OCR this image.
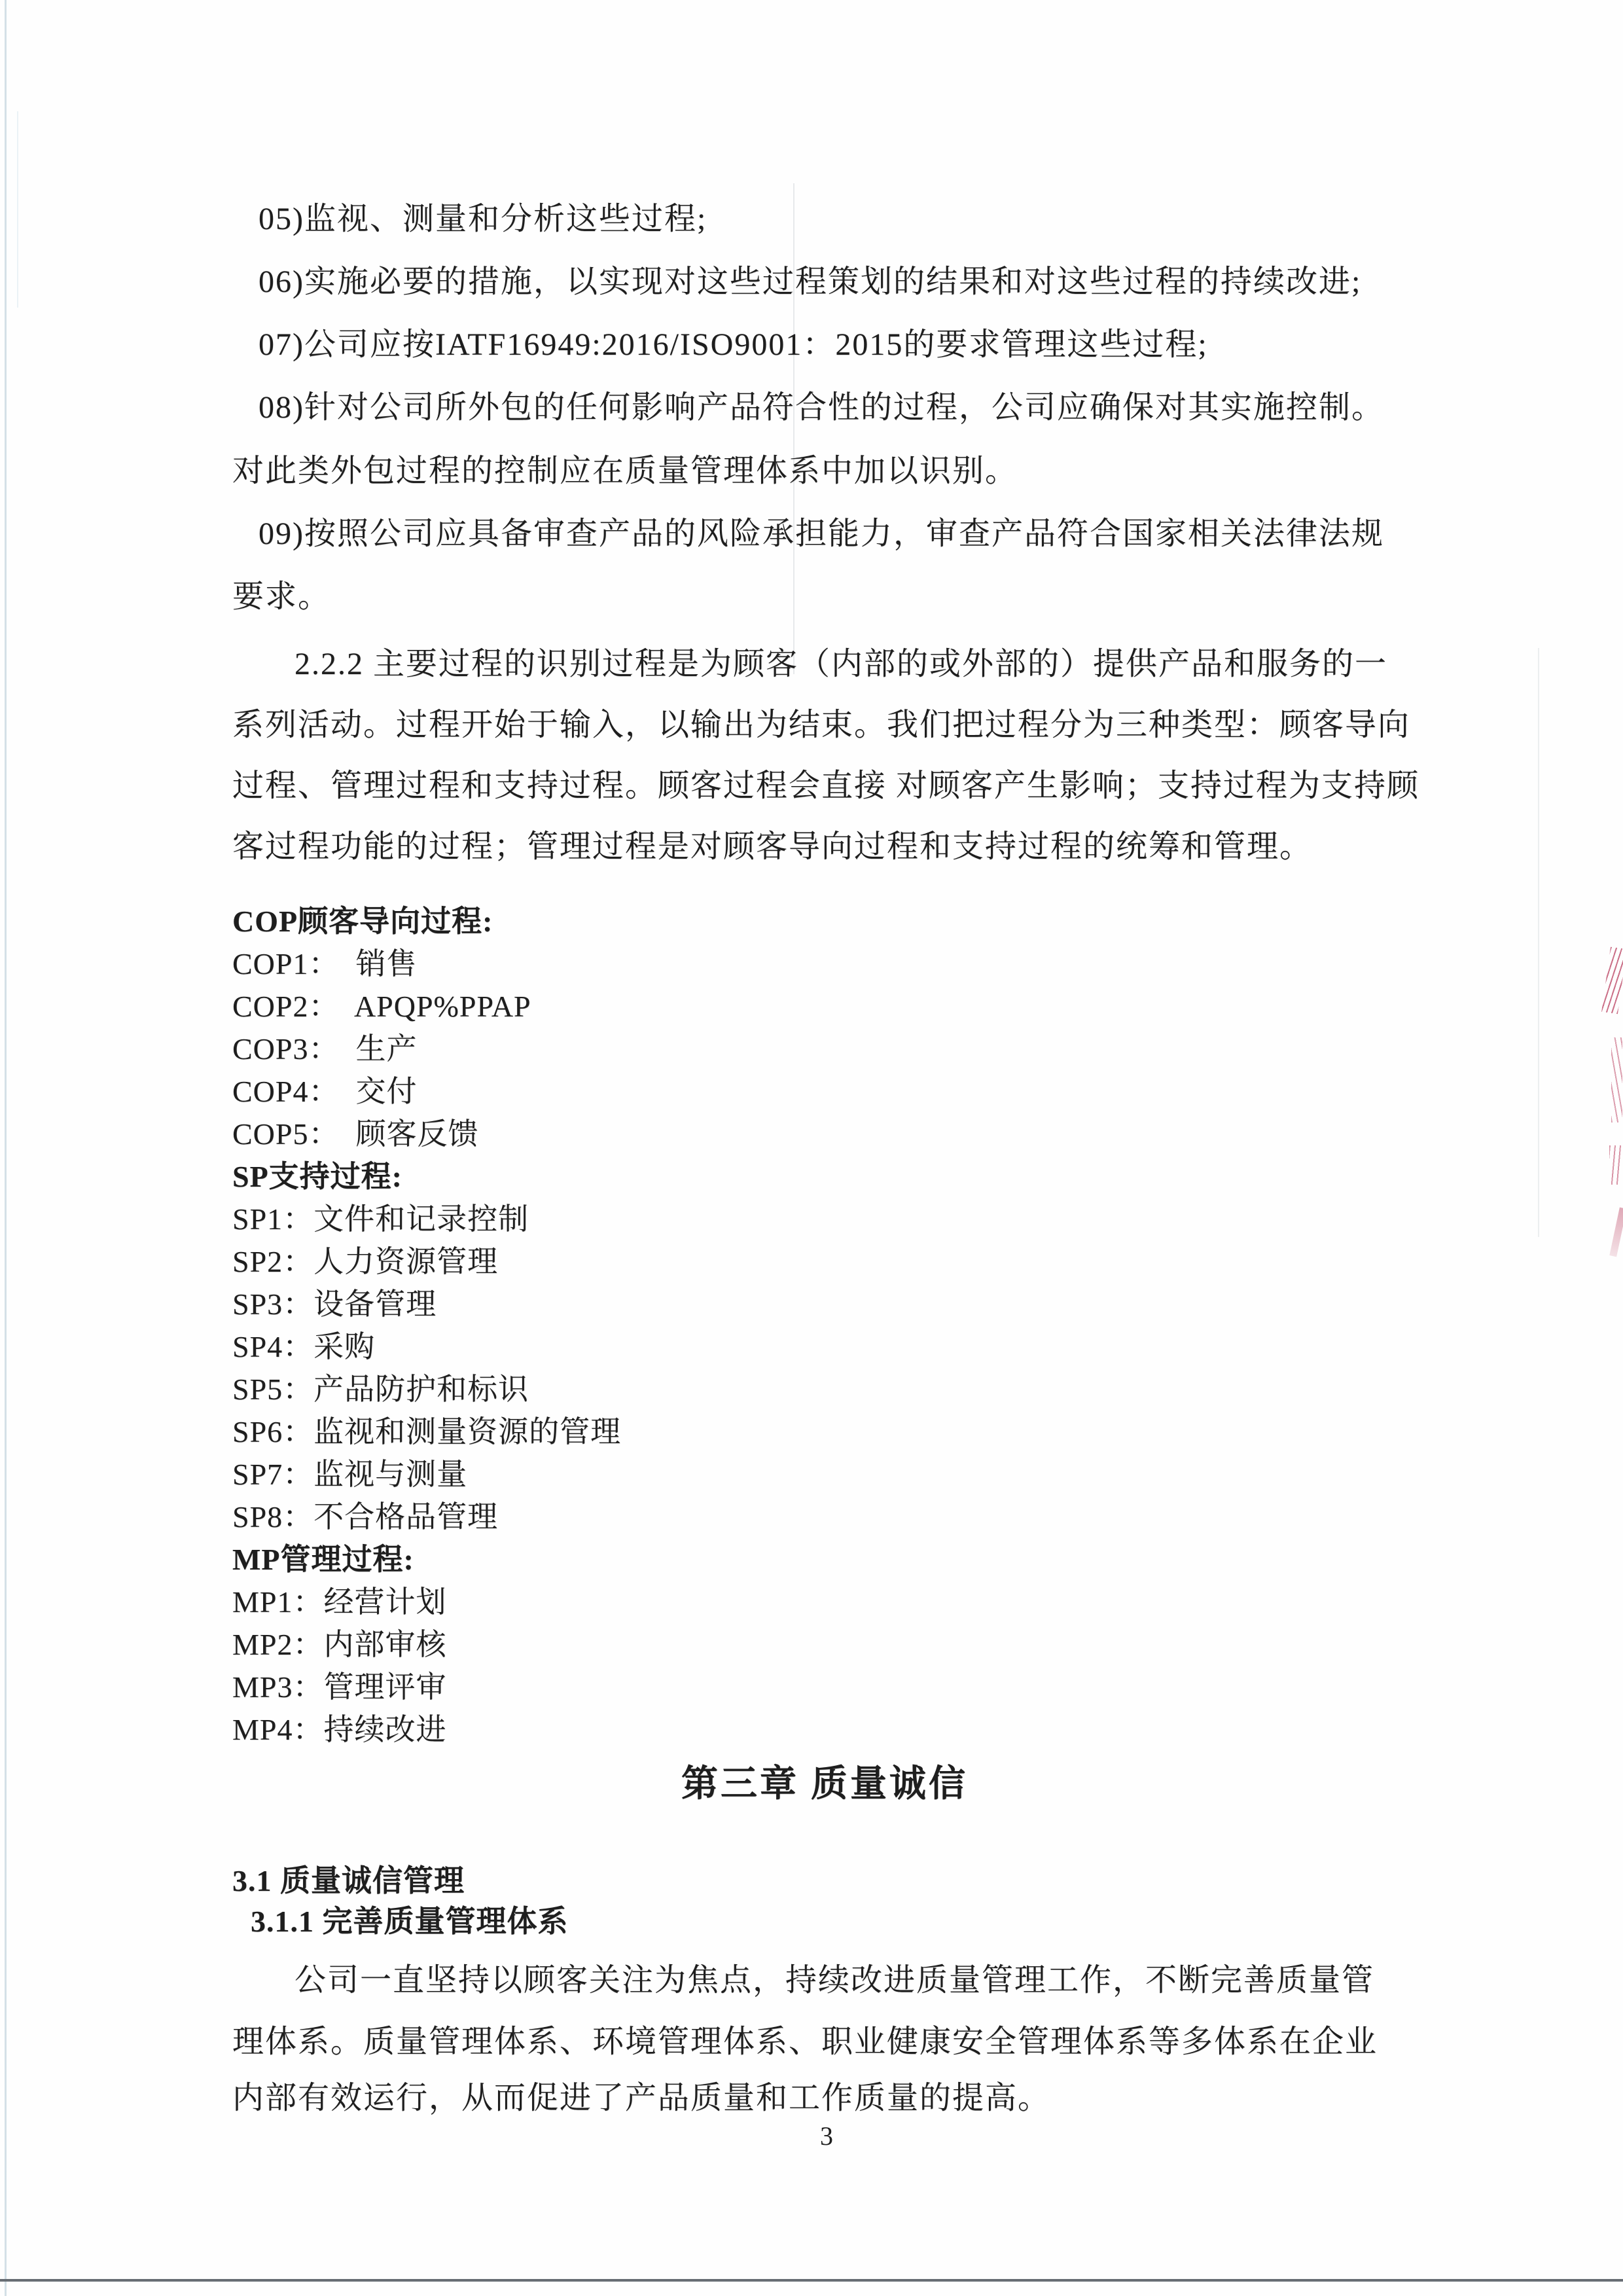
05)监视、测量和分析这些过程;
06)实施必要的措施，以实现对这些过程策划的结果和对这些过程的持续改进;
07)公司应按IATF16949:2016/ISO9001：2015的要求管理这些过程;
08)针对公司所外包的任何影响产品符合性的过程，公司应确保对其实施控制。
对此类外包过程的控制应在质量管理体系中加以识别。
09)按照公司应具备审查产品的风险承担能力，审查产品符合国家相关法律法规
要求。
2.2.2 主要过程的识别过程是为顾客（内部的或外部的）提供产品和服务的一
系列活动。过程开始于输入，以输出为结束。我们把过程分为三种类型：顾客导向
过程、管理过程和支持过程。顾客过程会直接 对顾客产生影响；支持过程为支持顾
客过程功能的过程；管理过程是对顾客导向过程和支持过程的统筹和管理。
COP顾客导向过程:
COP1：  销售
COP2：  APQP%PPAP
COP3：  生产
COP4：  交付
COP5：  顾客反馈
SP支持过程:
SP1：文件和记录控制
SP2：人力资源管理
SP3：设备管理
SP4：采购
SP5：产品防护和标识
SP6：监视和测量资源的管理
SP7：监视与测量
SP8：不合格品管理
MP管理过程:
MP1：经营计划
MP2：内部审核
MP3：管理评审
MP4：持续改进
第三章 质量诚信
3.1 质量诚信管理
3.1.1 完善质量管理体系
公司一直坚持以顾客关注为焦点，持续改进质量管理工作，不断完善质量管
理体系。质量管理体系、环境管理体系、职业健康安全管理体系等多体系在企业
内部有效运行，从而促进了产品质量和工作质量的提高。
3
